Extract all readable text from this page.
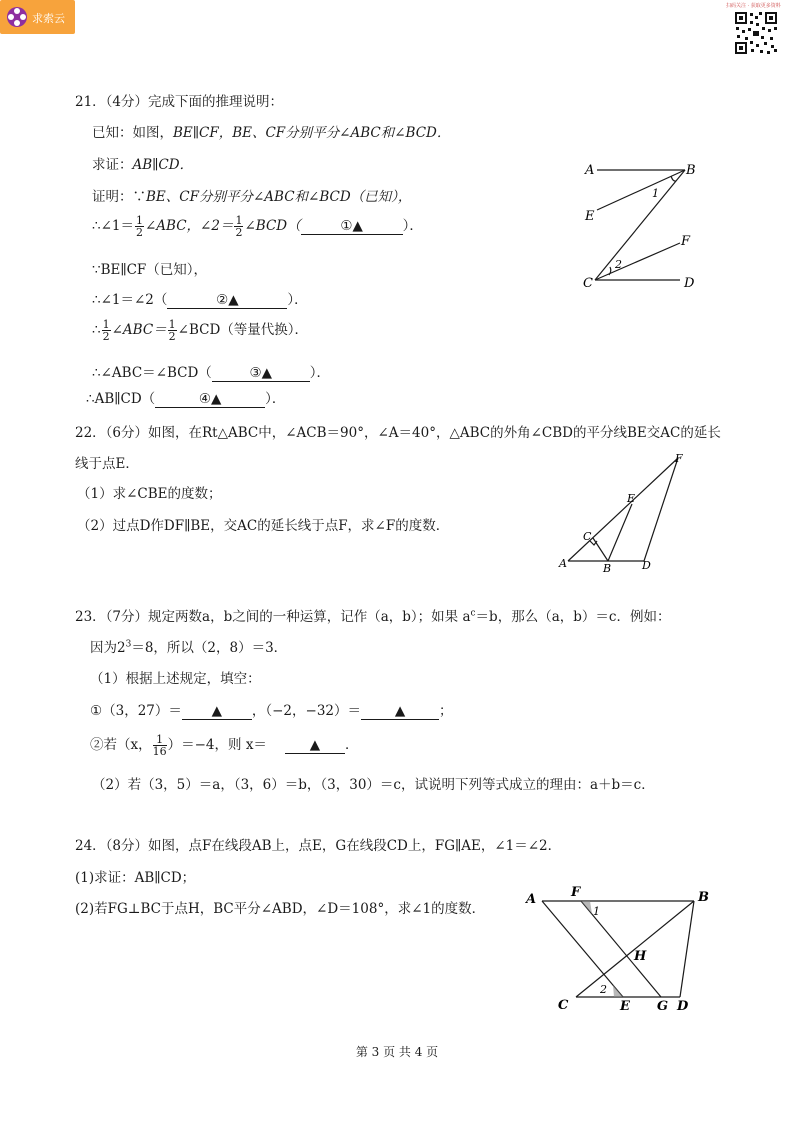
求索云
扫码关注 · 获取更多资料
21．（4分）完成下面的推理说明：
已知：如图，BE∥CF，BE、CF分别平分∠ABC和∠BCD．
求证：AB∥CD．
证明：∵BE、CF分别平分∠ABC和∠BCD（已知），
∴∠1＝ $\frac{1}{2}$ ∠ABC，∠2＝ $\frac{1}{2}$ ∠BCD（	①▲	）．
∵BE∥CF（已知），
∴∠1＝∠2（	②▲	）．
∴ $\frac{1}{2}$ ∠ABC＝ $\frac{1}{2}$ ∠BCD（等量代换）．
∴∠ABC＝∠BCD（	③▲	）．
∴AB∥CD（	④▲	）．
A	B
E
F
C	D
1
2
22．（6分）如图，在Rt△ABC中，∠ACB＝90°，∠A＝40°，△ABC的外角∠CBD的平分线BE交AC的延长
线于点E．
（1）求∠CBE的度数；
（2）过点D作DF∥BE，交AC的延长线于点F，求∠F的度数．
A	B
C
D
E
F
23．（7分）规定两数a，b之间的一种运算，记作（a，b）；如果 $a^c=b$，那么（a，b）＝c．例如：
因为$2^3=8$，所以（2，8）＝3．
（1）根据上述规定，填空：
①（3，27）＝ ▲ ，（−2，−32）＝	▲	；
②若（x， $\frac{1}{16} )=-4$，则 x＝	▲ ．
（2）若（3，5）＝a，（3，6）＝b，（3，30）＝c，试说明下列等式成立的理由：a＋b＝c．
24．（8分）如图，点F在线段AB上，点E，G在线段CD上，FG∥AE，∠1＝∠2．
(1)求证：AB∥CD；
(2)若FG⊥BC于点H，BC平分∠ABD，∠D＝108°，求∠1的度数．
A	F	B
H
C	E G D
1
2
第 3 页 共 4 页
